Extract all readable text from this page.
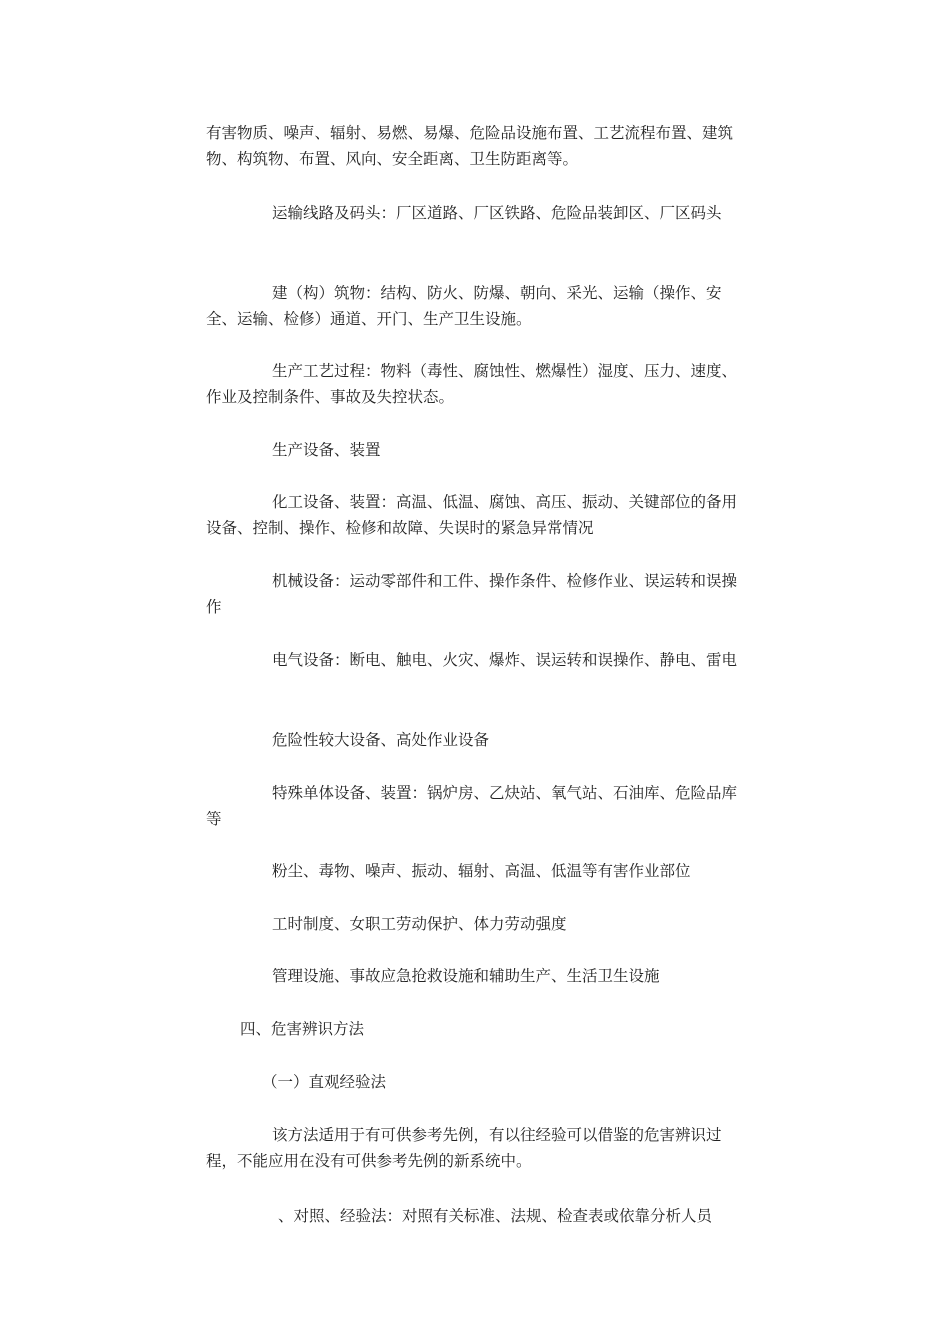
有害物质、噪声、辐射、易燃、易爆、危险品设施布置、工艺流程布置、建筑物、构筑物、布置、风向、安全距离、卫生防距离等。

运输线路及码头：厂区道路、厂区铁路、危险品装卸区、厂区码头

建（构）筑物：结构、防火、防爆、朝向、采光、运输（操作、安全、运输、检修）通道、开门、生产卫生设施。

生产工艺过程：物料（毒性、腐蚀性、燃爆性）湿度、压力、速度、作业及控制条件、事故及失控状态。

生产设备、装置

化工设备、装置：高温、低温、腐蚀、高压、振动、关键部位的备用设备、控制、操作、检修和故障、失误时的紧急异常情况

机械设备：运动零部件和工件、操作条件、检修作业、误运转和误操作

电气设备：断电、触电、火灾、爆炸、误运转和误操作、静电、雷电

危险性较大设备、高处作业设备

特殊单体设备、装置：锅炉房、乙炔站、氧气站、石油库、危险品库等

粉尘、毒物、噪声、振动、辐射、高温、低温等有害作业部位

工时制度、女职工劳动保护、体力劳动强度

管理设施、事故应急抢救设施和辅助生产、生活卫生设施

四、危害辨识方法

（一）直观经验法

该方法适用于有可供参考先例，有以往经验可以借鉴的危害辨识过程，不能应用在没有可供参考先例的新系统中。

、对照、经验法：对照有关标准、法规、检查表或依靠分析人员
